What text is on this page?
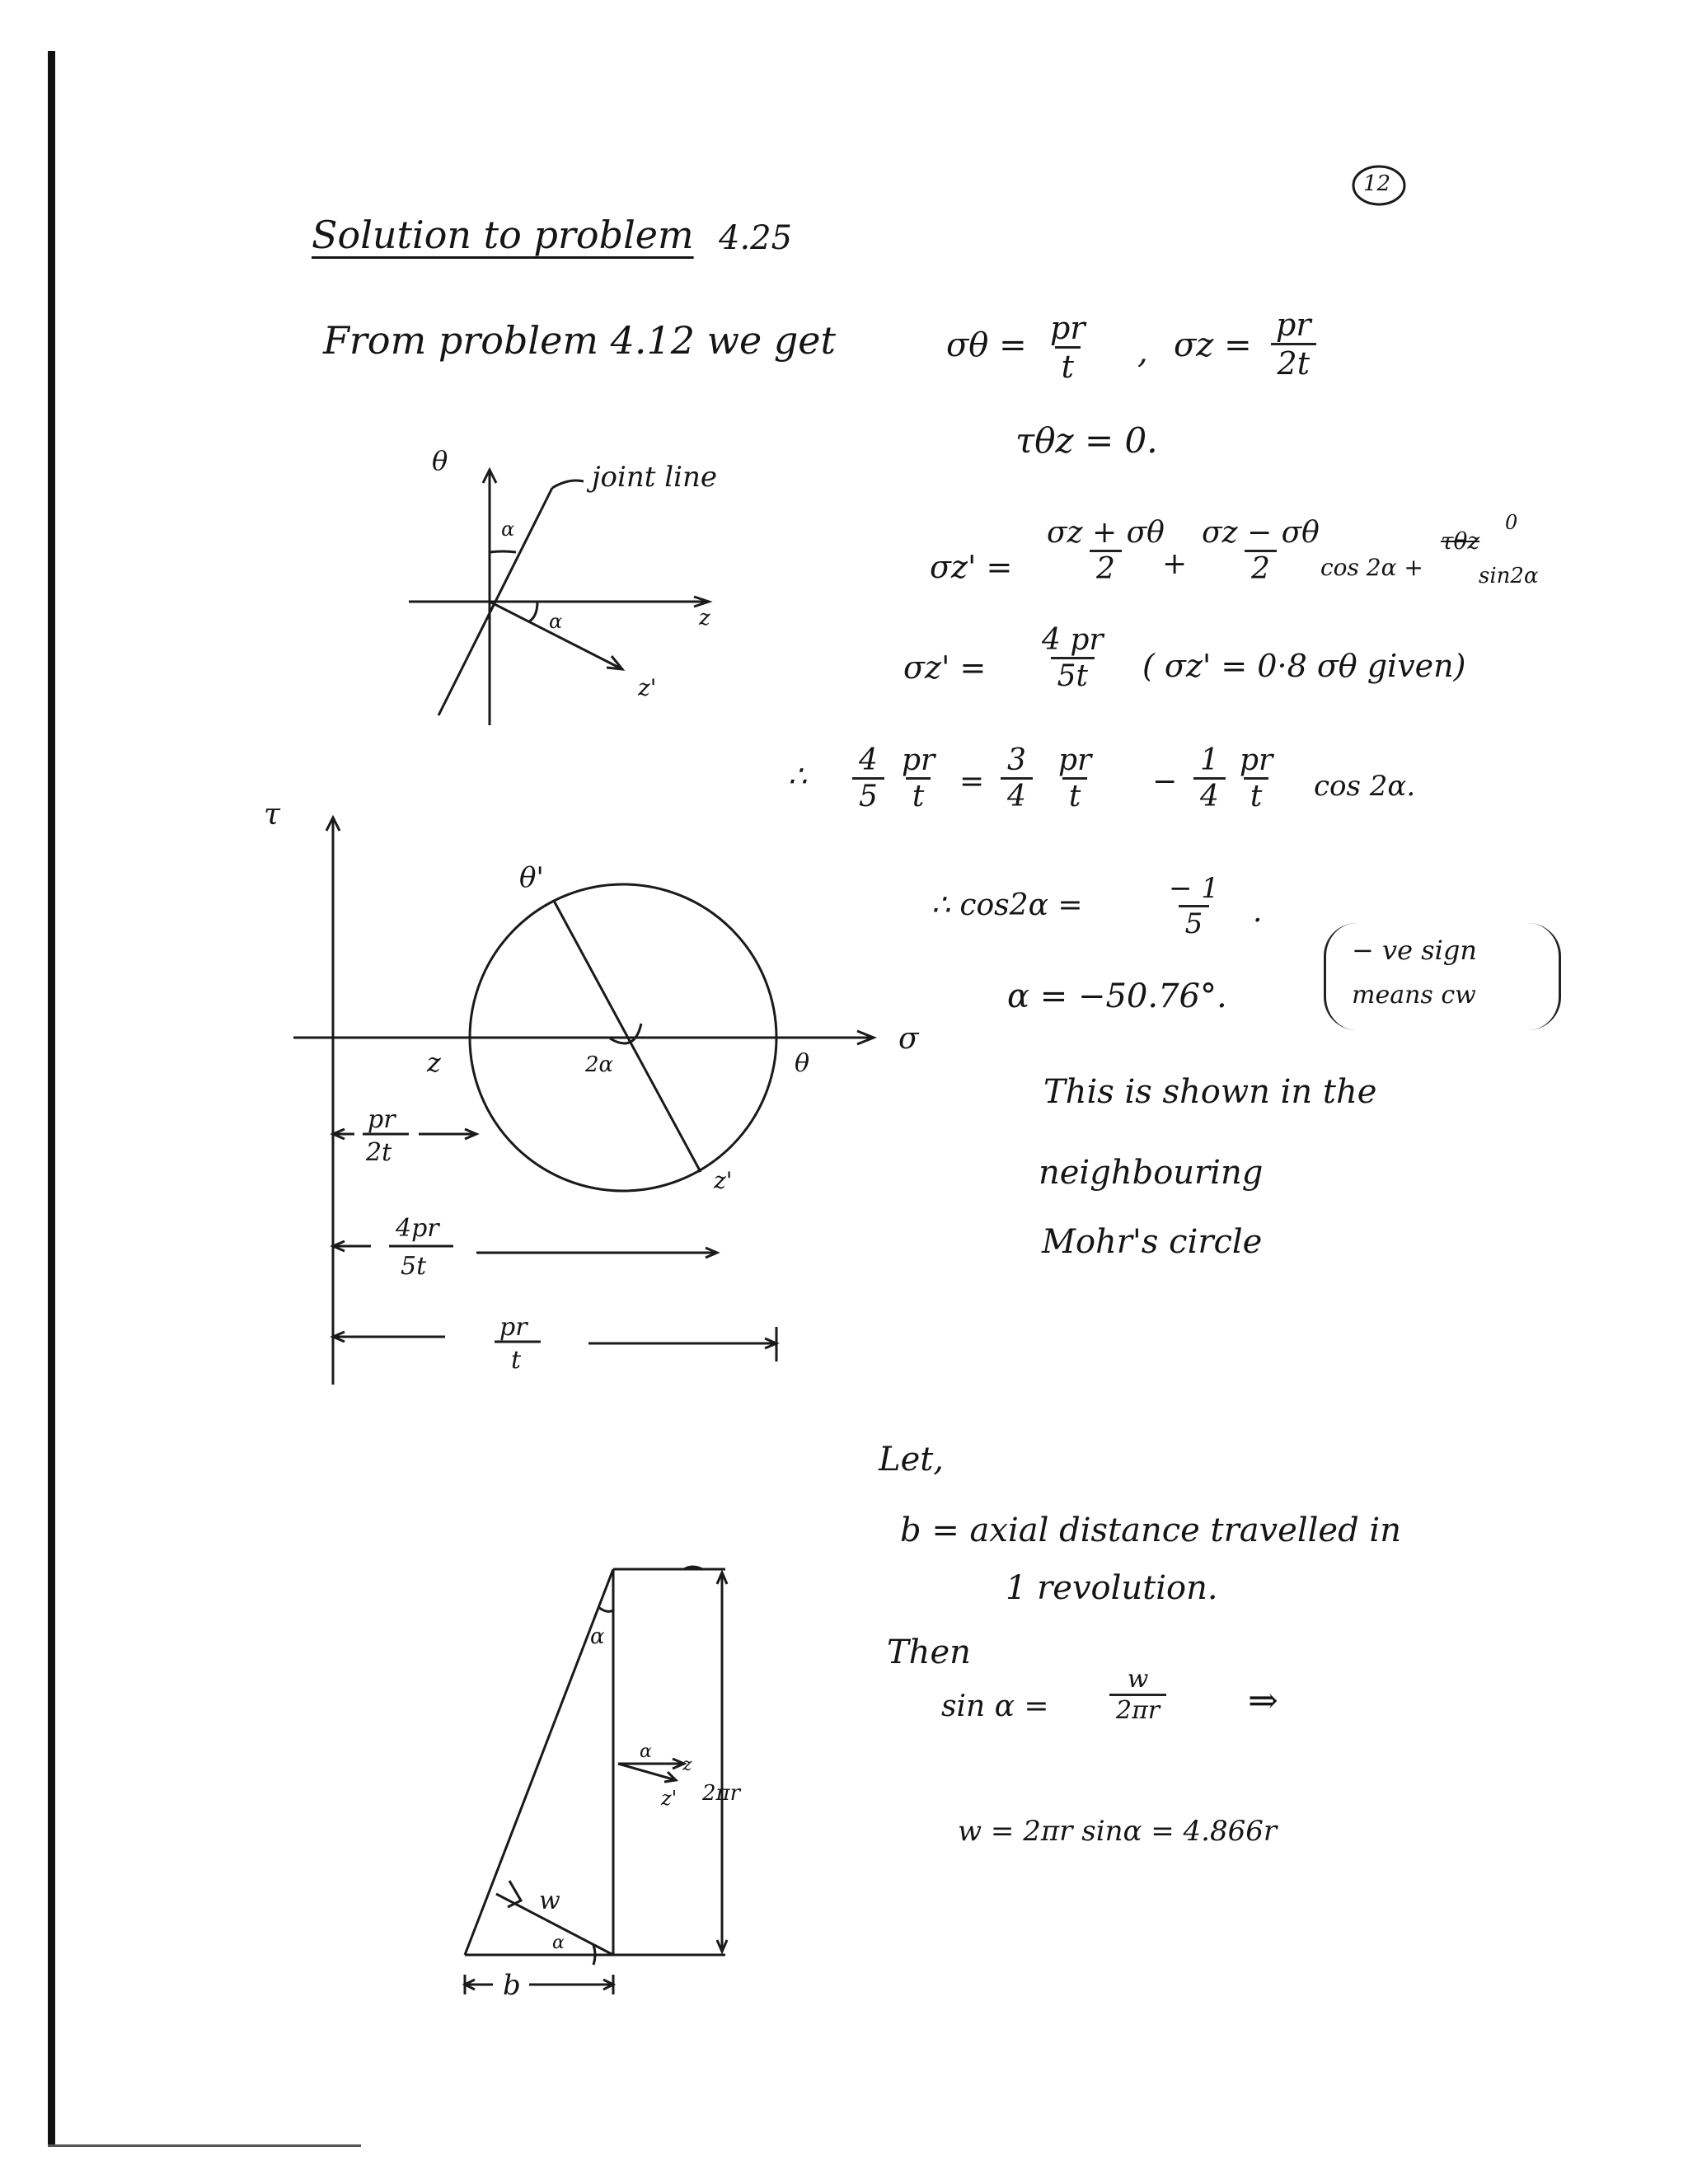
12
Solution to problem 4.25
From problem 4.12 we get	$\sigma\theta = \frac{pr}{t}$ , $\sigma z = \frac{pr}{2t}$
τθz = 0.
$\sigma z' = \frac{\sigma z + \sigma\theta}{2}$
+ $\frac{\sigma z - \sigma\theta}{2}$
cos 2α +
τθz
0
sin2α
$\sigma z' = \frac{4 pr}{5t}$ ( σz' = 0·8 σθ given)
∴ $\frac{4}{5} \frac{pr}{t} = \frac{3}{4} \frac{pr}{t} - \frac{1}{4} \frac{pr}{t}$ cos 2α.
∴ cos2α =	$\frac{- 1}{5}$ .
α = −50.76°.
− ve sign
means cw
This is shown in the
neighbouring
Mohr's circle
θ	joint line
α
α	z
z'
τ
σ
θ'
z	θ
2α
z'
pr
2t
4pr
5t
pr
t
Let,
b = axial distance travelled in
1 revolution.
Then
$\sin \alpha = \frac{w}{2\pi r}$ ⇒
w = 2πr sinα = 4.866r
α
α
z
z' 2πr
w
α
b
